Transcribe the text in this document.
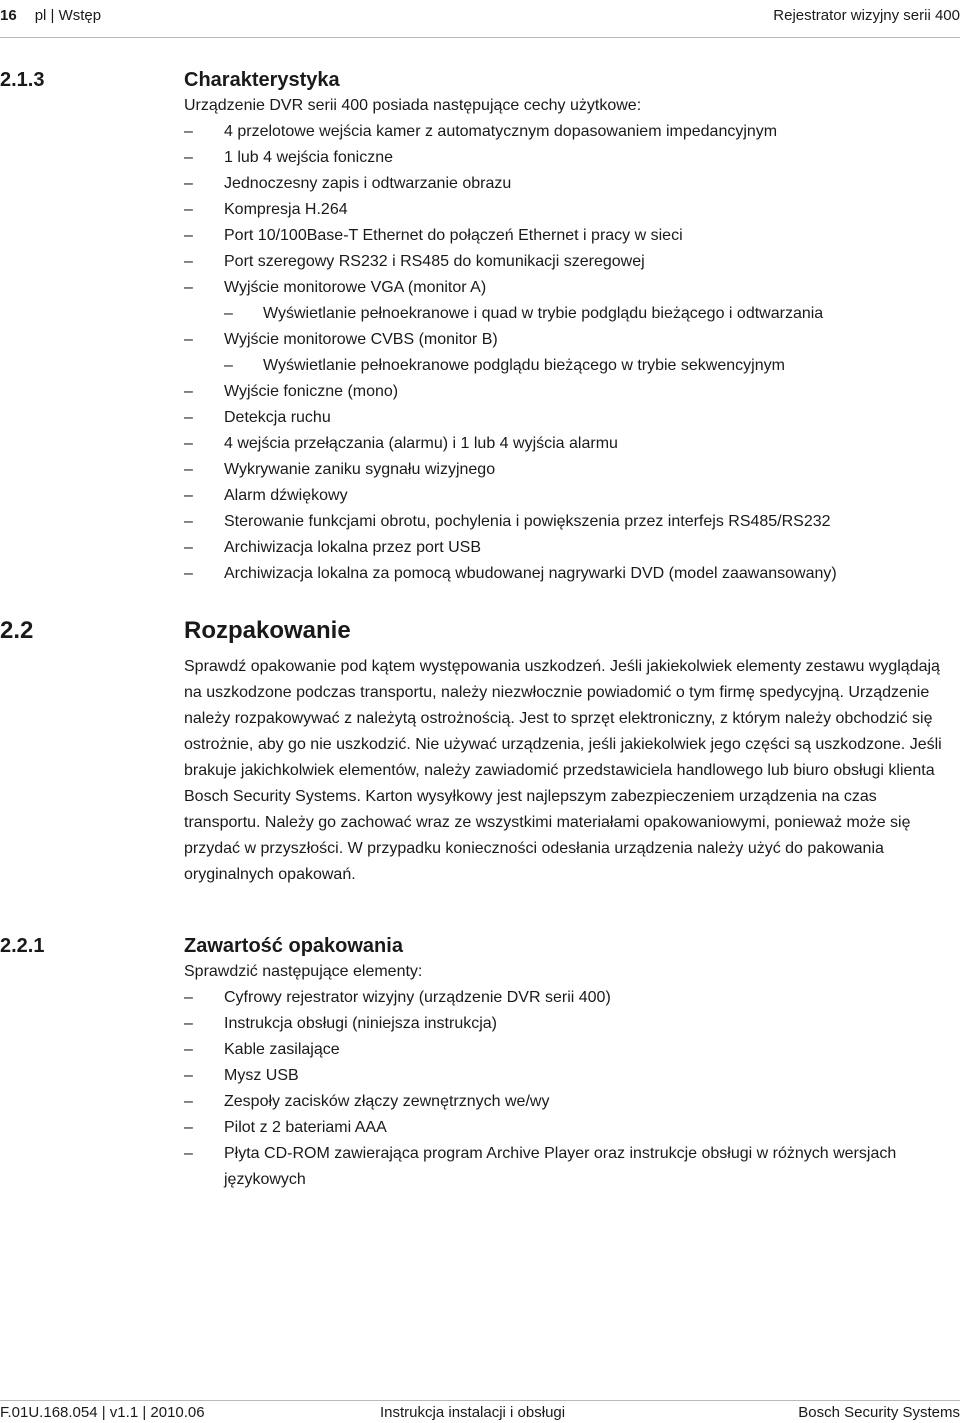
16 pl | Wstęp	Rejestrator wizyjny serii 400
2.1.3	Charakterystyka
Urządzenie DVR serii 400 posiada następujące cechy użytkowe:
– 4 przelotowe wejścia kamer z automatycznym dopasowaniem impedancyjnym
– 1 lub 4 wejścia foniczne
– Jednoczesny zapis i odtwarzanie obrazu
– Kompresja H.264
– Port 10/100Base-T Ethernet do połączeń Ethernet i pracy w sieci
– Port szeregowy RS232 i RS485 do komunikacji szeregowej
– Wyjście monitorowe VGA (monitor A)
– Wyświetlanie pełnoekranowe i quad w trybie podglądu bieżącego i odtwarzania
– Wyjście monitorowe CVBS (monitor B)
– Wyświetlanie pełnoekranowe podglądu bieżącego w trybie sekwencyjnym
– Wyjście foniczne (mono)
– Detekcja ruchu
– 4 wejścia przełączania (alarmu) i 1 lub 4 wyjścia alarmu
– Wykrywanie zaniku sygnału wizyjnego
– Alarm dźwiękowy
– Sterowanie funkcjami obrotu, pochylenia i powiększenia przez interfejs RS485/RS232
– Archiwizacja lokalna przez port USB
– Archiwizacja lokalna za pomocą wbudowanej nagrywarki DVD (model zaawansowany)
2.2	Rozpakowanie
Sprawdź opakowanie pod kątem występowania uszkodzeń. Jeśli jakiekolwiek elementy zestawu wyglądają na uszkodzone podczas transportu, należy niezwłocznie powiadomić o tym firmę spedycyjną. Urządzenie należy rozpakowywać z należytą ostrożnością. Jest to sprzęt elektroniczny, z którym należy obchodzić się ostrożnie, aby go nie uszkodzić. Nie używać urządzenia, jeśli jakiekolwiek jego części są uszkodzone. Jeśli brakuje jakichkolwiek elementów, należy zawiadomić przedstawiciela handlowego lub biuro obsługi klienta Bosch Security Systems. Karton wysyłkowy jest najlepszym zabezpieczeniem urządzenia na czas transportu. Należy go zachować wraz ze wszystkimi materiałami opakowaniowymi, ponieważ może się przydać w przyszłości. W przypadku konieczności odesłania urządzenia należy użyć do pakowania oryginalnych opakowań.
2.2.1	Zawartość opakowania
Sprawdzić następujące elementy:
– Cyfrowy rejestrator wizyjny (urządzenie DVR serii 400)
– Instrukcja obsługi (niniejsza instrukcja)
– Kable zasilające
– Mysz USB
– Zespoły zacisków złączy zewnętrznych we/wy
– Pilot z 2 bateriami AAA
– Płyta CD-ROM zawierająca program Archive Player oraz instrukcje obsługi w różnych wersjach językowych
F.01U.168.054 | v1.1 | 2010.06	Instrukcja instalacji i obsługi	Bosch Security Systems
